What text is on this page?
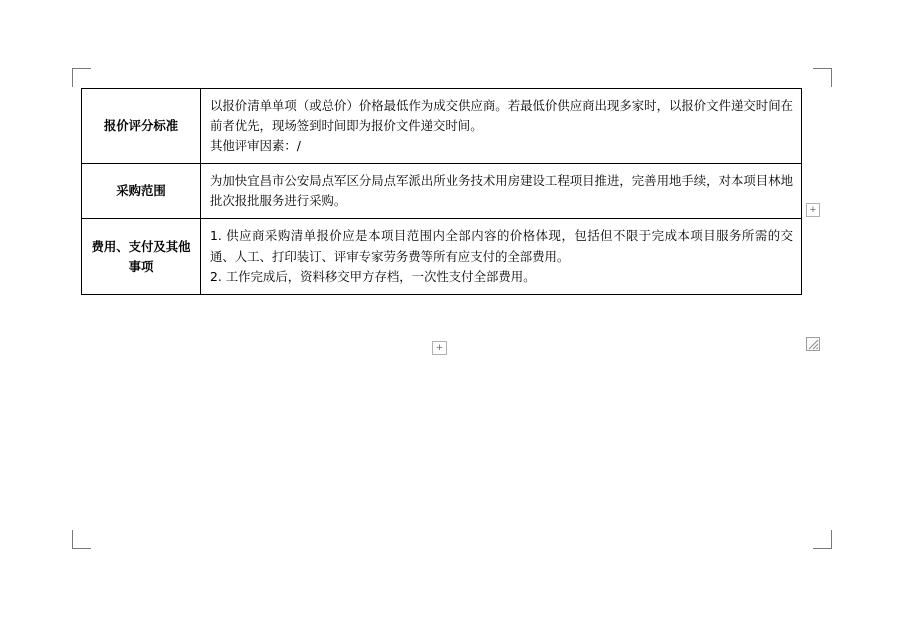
报价评分标准	以报价清单单项（或总价）价格最低作为成交供应商。若最低价供应商出现多家时，以报价文件递交时间在前者优先，现场签到时间即为报价文件递交时间。
其他评审因素：/

采购范围	为加快宜昌市公安局点军区分局点军派出所业务技术用房建设工程项目推进，完善用地手续，对本项目林地批次报批服务进行采购。

费用、支付及其他事项	1. 供应商采购清单报价应是本项目范围内全部内容的价格体现，包括但不限于完成本项目服务所需的交通、人工、打印装订、评审专家劳务费等所有应支付的全部费用。
2. 工作完成后，资料移交甲方存档，一次性支付全部费用。
+
+
